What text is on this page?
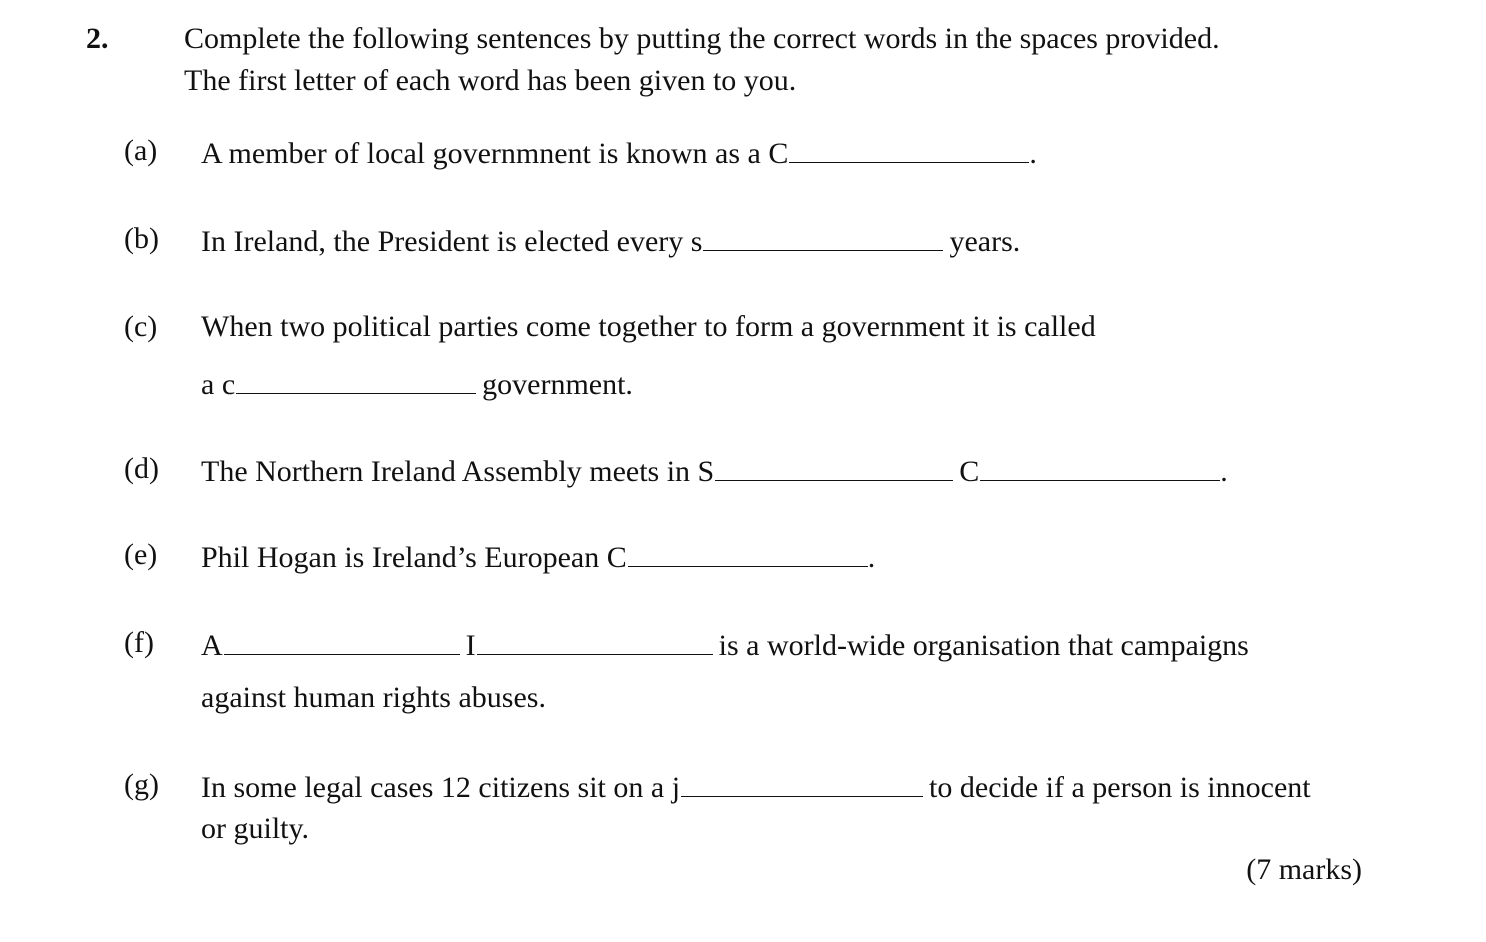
2.	Complete the following sentences by putting the correct words in the spaces provided.
The first letter of each word has been given to you.
(a) A member of local governmnent is known as a C	.
(b) In Ireland, the President is elected every s	years.
(c) When two political parties come together to form a government it is called
a c	government.
(d) The Northern Ireland Assembly meets in S	C	.
(e) Phil Hogan is Ireland’s European C	.
(f) A	I	is a world-wide organisation that campaigns
against human rights abuses.
(g) In some legal cases 12 citizens sit on a j	to decide if a person is innocent
or guilty.
(7 marks)
